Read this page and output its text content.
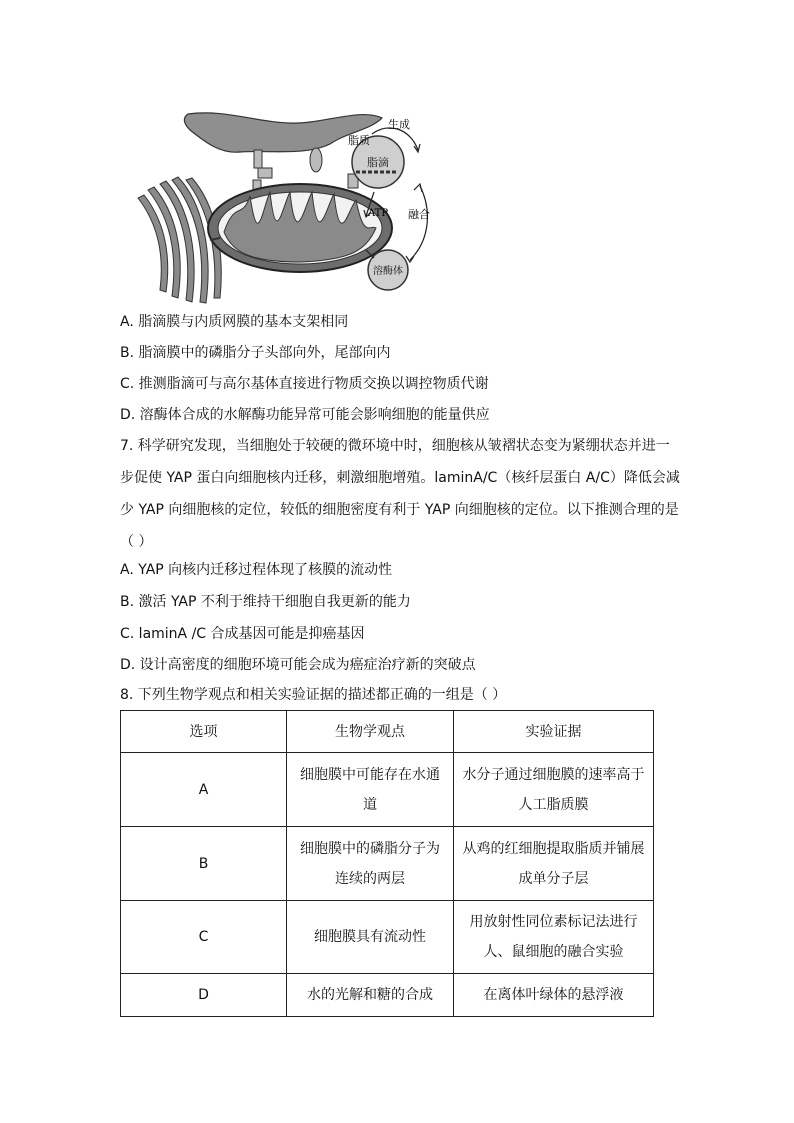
脂滴
溶酶体
脂质
生成
ATP 融合
A. 脂滴膜与内质网膜的基本支架相同
B. 脂滴膜中的磷脂分子头部向外，尾部向内
C. 推测脂滴可与高尔基体直接进行物质交换以调控物质代谢
D. 溶酶体合成的水解酶功能异常可能会影响细胞的能量供应
7. 科学研究发现，当细胞处于较硬的微环境中时，细胞核从皱褶状态变为紧绷状态并进一步促使 YAP 蛋白向细胞核内迁移，刺激细胞增殖。laminA/C（核纤层蛋白 A/C）降低会减少 YAP 向细胞核的定位，较低的细胞密度有利于 YAP 向细胞核的定位。以下推测合理的是（ ）
A. YAP 向核内迁移过程体现了核膜的流动性
B. 激活 YAP 不利于维持干细胞自我更新的能力
C. laminA /C 合成基因可能是抑癌基因
D. 设计高密度的细胞环境可能会成为癌症治疗新的突破点
8. 下列生物学观点和相关实验证据的描述都正确的一组是（ ）
选项	生物学观点	实验证据
A	细胞膜中可能存在水通道	水分子通过细胞膜的速率高于人工脂质膜
B	细胞膜中的磷脂分子为连续的两层	从鸡的红细胞提取脂质并铺展成单分子层
C	细胞膜具有流动性	用放射性同位素标记法进行人、鼠细胞的融合实验
D	水的光解和糖的合成	在离体叶绿体的悬浮液
